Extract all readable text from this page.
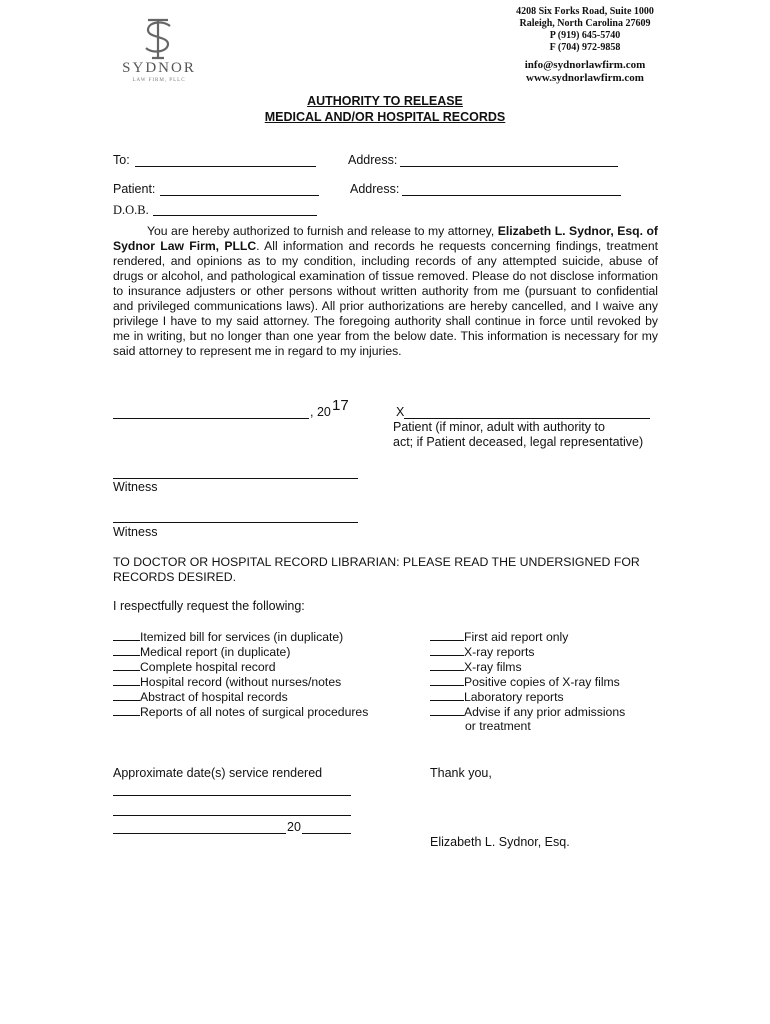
SYDNOR
LAW FIRM, PLLC
4208 Six Forks Road, Suite 1000
Raleigh, North Carolina 27609
P (919) 645-5740
F (704) 972-9858
info@sydnorlawfirm.com
www.sydnorlawfirm.com
AUTHORITY TO RELEASE
MEDICAL AND/OR HOSPITAL RECORDS
To:	Address:
Patient:	Address:
D.O.B.
You are hereby authorized to furnish and release to my attorney, Elizabeth L. Sydnor, Esq. of Sydnor Law Firm, PLLC. All information and records he requests concerning findings, treatment rendered, and opinions as to my condition, including records of any attempted suicide, abuse of drugs or alcohol, and pathological examination of tissue removed. Please do not disclose information to insurance adjusters or other persons without written authority from me (pursuant to confidential and privileged communications laws). All prior authorizations are hereby cancelled, and I waive any privilege I have to my said attorney. The foregoing authority shall continue in force until revoked by me in writing, but no longer than one year from the below date. This information is necessary for my said attorney to represent me in regard to my injuries.
, 20 17	X
Patient (if minor, adult with authority to
act; if Patient deceased, legal representative)
Witness
Witness
TO DOCTOR OR HOSPITAL RECORD LIBRARIAN: PLEASE READ THE UNDERSIGNED FOR
RECORDS DESIRED.
I respectfully request the following:
Itemized bill for services (in duplicate)
Medical report (in duplicate)
Complete hospital record
Hospital record (without nurses/notes
Abstract of hospital records
Reports of all notes of surgical procedures
First aid report only
X-ray reports
X-ray films
Positive copies of X-ray films
Laboratory reports
Advise if any prior admissions
or treatment
Approximate date(s) service rendered
20
Thank you,
Elizabeth L. Sydnor, Esq.
